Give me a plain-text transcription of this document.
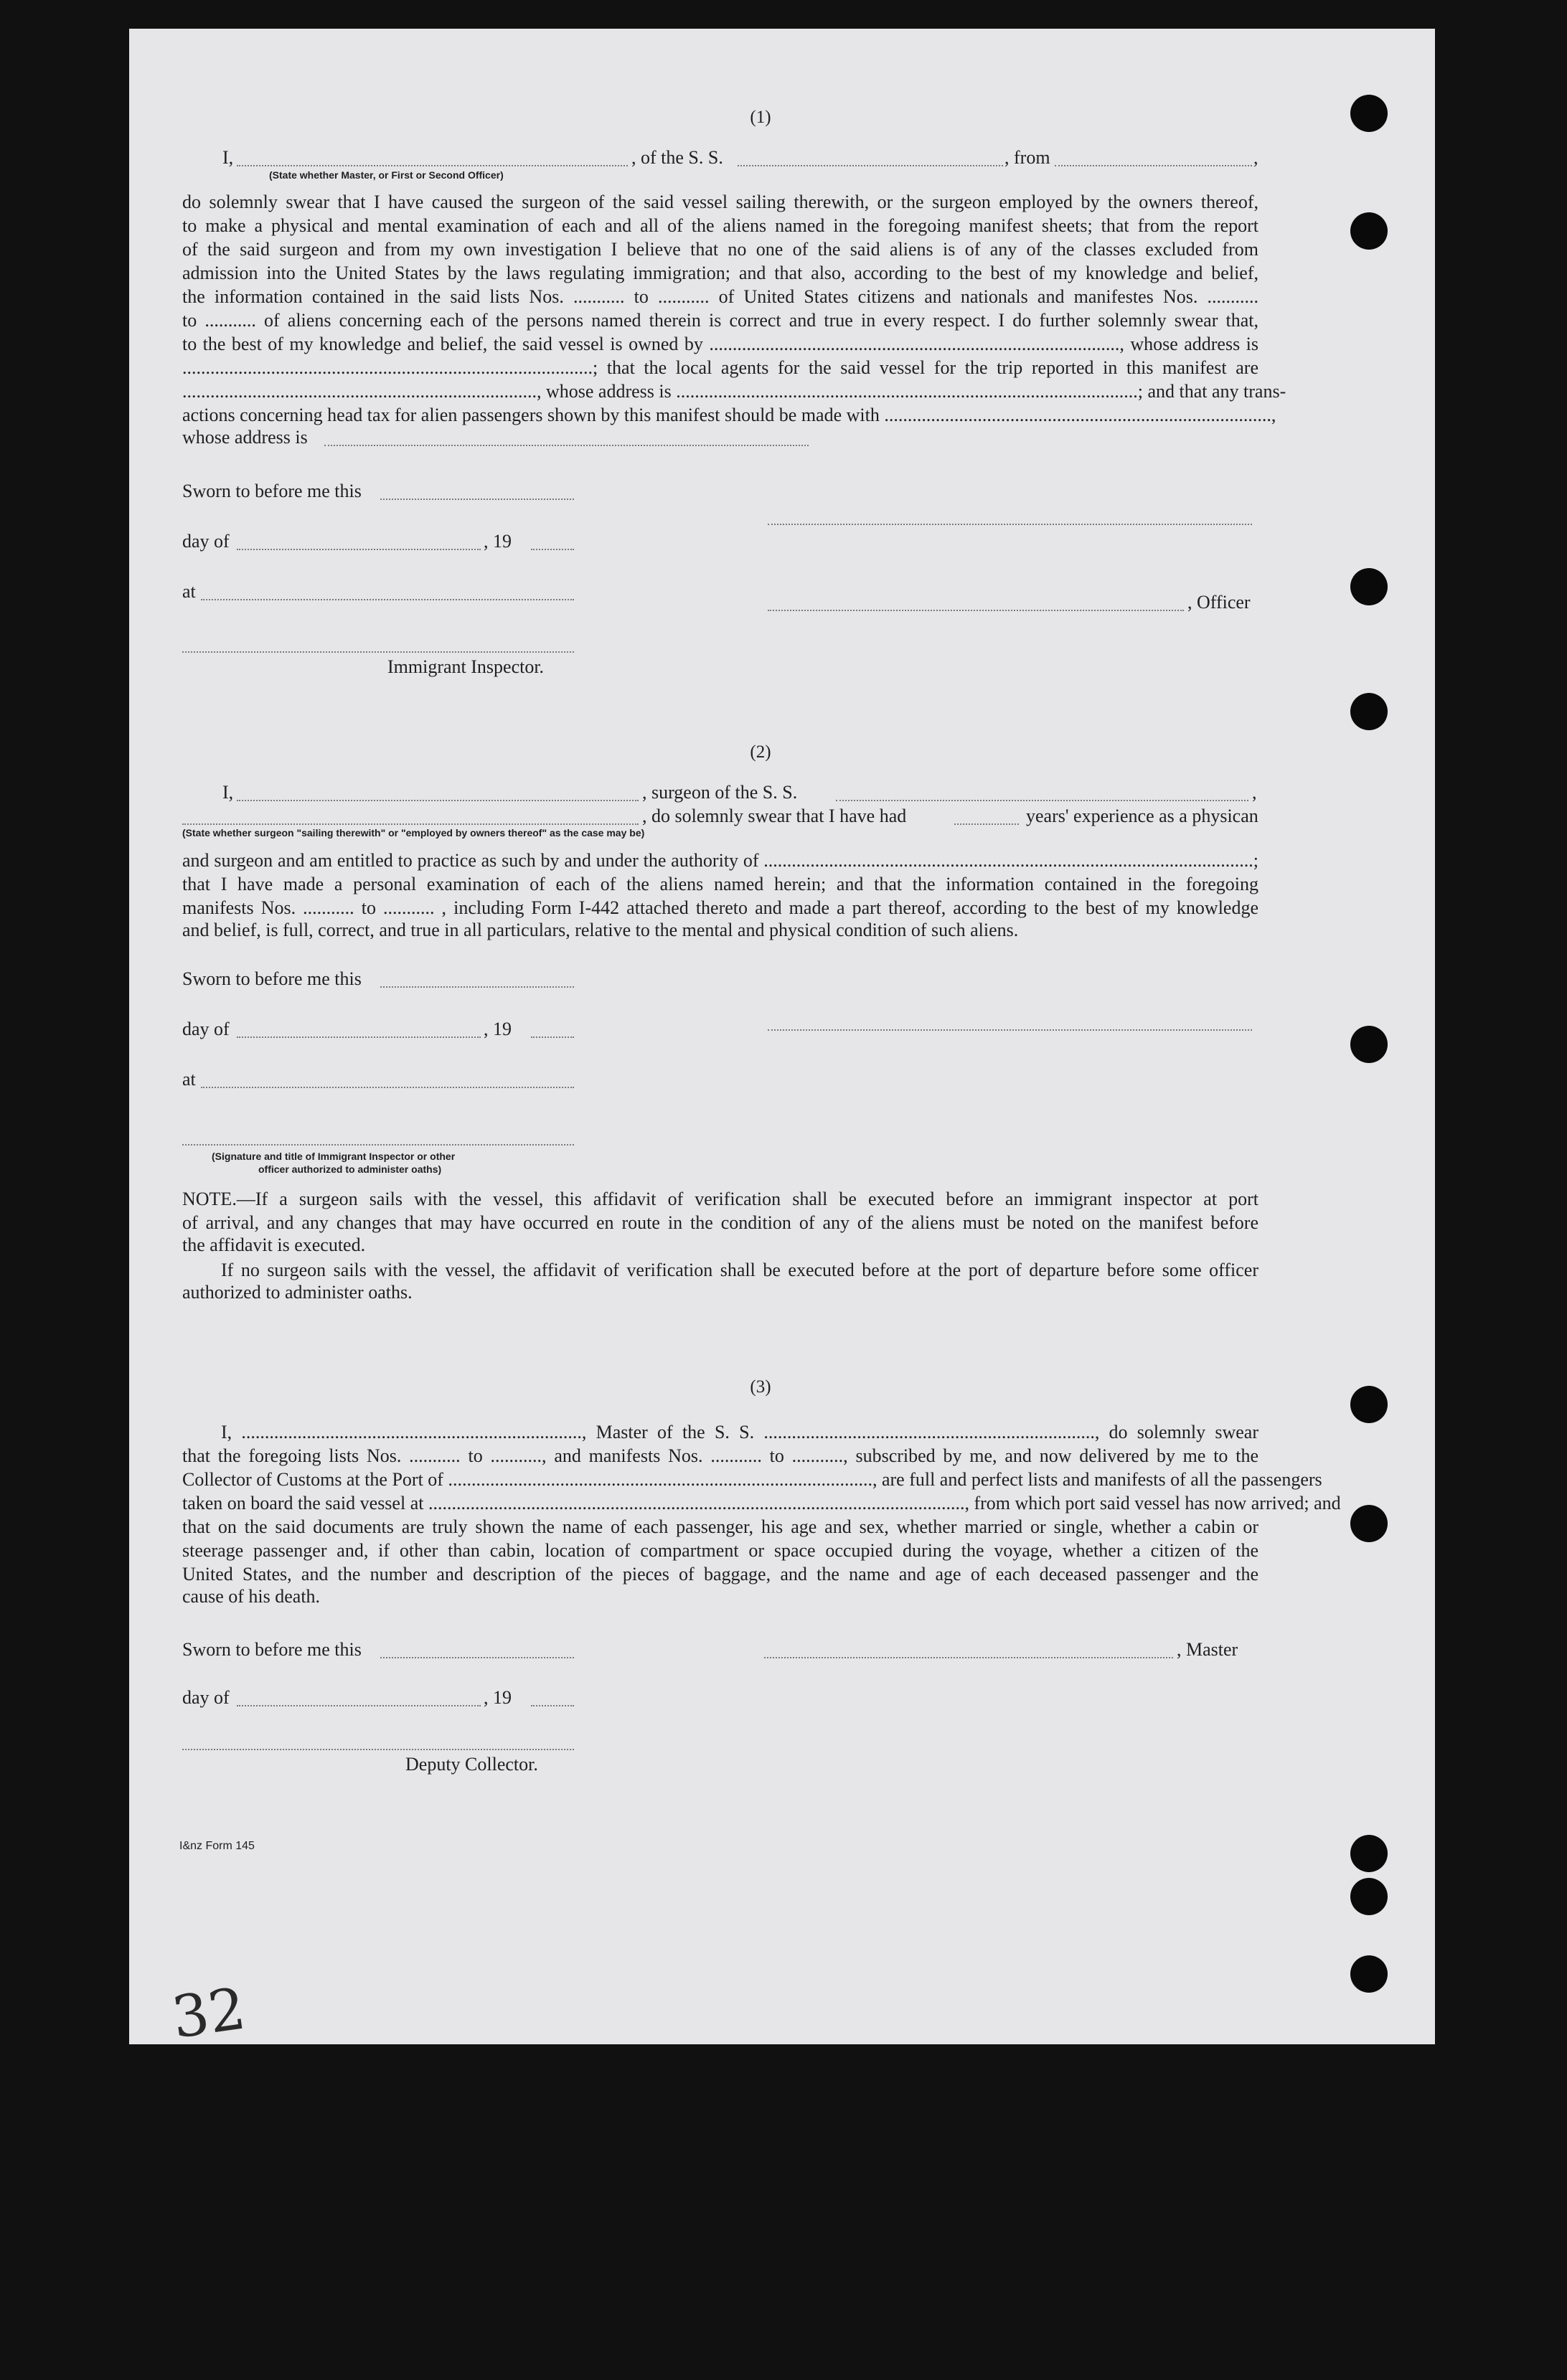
(1)
I,	, of the S. S.	, from	,
(State whether Master, or First or Second Officer)
do solemnly swear that I have caused the surgeon of the said vessel sailing therewith, or the surgeon employed by the owners thereof,
to make a physical and mental examination of each and all of the aliens named in the foregoing manifest sheets; that from the report
of the said surgeon and from my own investigation I believe that no one of the said aliens is of any of the classes excluded from
admission into the United States by the laws regulating immigration; and that also, according to the best of my knowledge and belief,
the information contained in the said lists Nos. ........... to ........... of United States citizens and nationals and manifestes Nos. ...........
to ........... of aliens concerning each of the persons named therein is correct and true in every respect. I do further solemnly swear that,
to the best of my knowledge and belief, the said vessel is owned by ........................................................................................, whose address is
........................................................................................; that the local agents for the said vessel for the trip reported in this manifest are
............................................................................, whose address is ...................................................................................................; and that any trans-
actions concerning head tax for alien passengers shown by this manifest should be made with ...................................................................................,
whose address is
Sworn to before me this
day of	, 19
at
, Officer
Immigrant Inspector.
(2)
I,	, surgeon of the S. S.	,
, do solemnly swear that I have had	years' experience as a physican
(State whether surgeon "sailing therewith" or "employed by owners thereof" as the case may be)
and surgeon and am entitled to practice as such by and under the authority of .........................................................................................................;
that I have made a personal examination of each of the aliens named herein; and that the information contained in the foregoing
manifests Nos. ........... to ........... , including Form I-442 attached thereto and made a part thereof, according to the best of my knowledge
and belief, is full, correct, and true in all particulars, relative to the mental and physical condition of such aliens.
Sworn to before me this
day of	, 19
at
(Signature and title of Immigrant Inspector or other
officer authorized to administer oaths)
NOTE.—If a surgeon sails with the vessel, this affidavit of verification shall be executed before an immigrant inspector at port
of arrival, and any changes that may have occurred en route in the condition of any of the aliens must be noted on the manifest before
the affidavit is executed.
If no surgeon sails with the vessel, the affidavit of verification shall be executed before at the port of departure before some officer
authorized to administer oaths.
(3)
I, ........................................................................., Master of the S. S. ......................................................................., do solemnly swear
that the foregoing lists Nos. ........... to ..........., and manifests Nos. ........... to ..........., subscribed by me, and now delivered by me to the
Collector of Customs at the Port of ..........................................................................................., are full and perfect lists and manifests of all the passengers
taken on board the said vessel at ..................................................................................................................., from which port said vessel has now arrived; and
that on the said documents are truly shown the name of each passenger, his age and sex, whether married or single, whether a cabin or
steerage passenger and, if other than cabin, location of compartment or space occupied during the voyage, whether a citizen of the
United States, and the number and description of the pieces of baggage, and the name and age of each deceased passenger and the
cause of his death.
Sworn to before me this	, Master
day of	, 19
Deputy Collector.
I&nz Form 145
32
